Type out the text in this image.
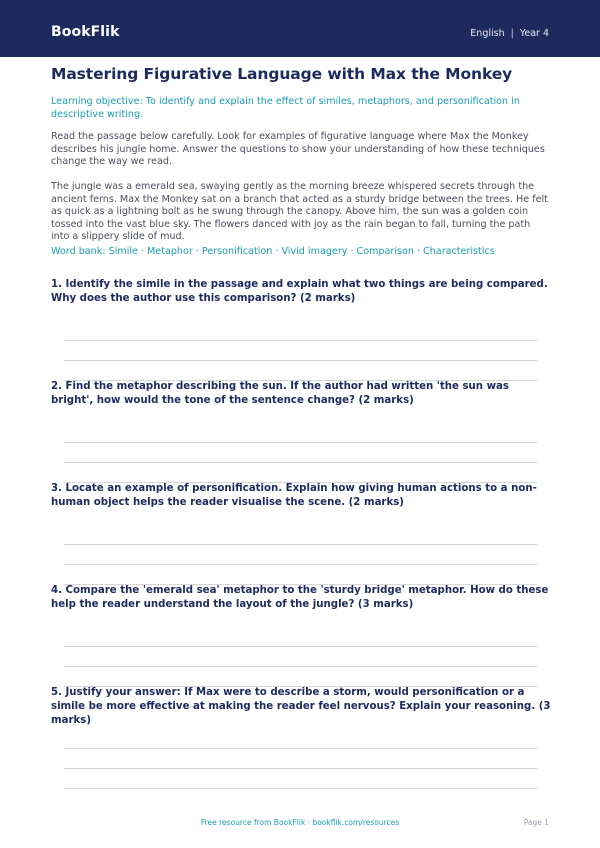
BookFlik	English | Year 4
Mastering Figurative Language with Max the Monkey
Learning objective: To identify and explain the effect of similes, metaphors, and personification in descriptive writing.
Read the passage below carefully. Look for examples of figurative language where Max the Monkey describes his jungle home. Answer the questions to show your understanding of how these techniques change the way we read.
The jungle was a emerald sea, swaying gently as the morning breeze whispered secrets through the ancient ferns. Max the Monkey sat on a branch that acted as a sturdy bridge between the trees. He felt as quick as a lightning bolt as he swung through the canopy. Above him, the sun was a golden coin tossed into the vast blue sky. The flowers danced with joy as the rain began to fall, turning the path into a slippery slide of mud.
Word bank: Simile · Metaphor · Personification · Vivid imagery · Comparison · Characteristics
1. Identify the simile in the passage and explain what two things are being compared. Why does the author use this comparison? (2 marks)
2. Find the metaphor describing the sun. If the author had written 'the sun was bright', how would the tone of the sentence change? (2 marks)
3. Locate an example of personification. Explain how giving human actions to a non-human object helps the reader visualise the scene. (2 marks)
4. Compare the 'emerald sea' metaphor to the 'sturdy bridge' metaphor. How do these help the reader understand the layout of the jungle? (3 marks)
5. Justify your answer: If Max were to describe a storm, would personification or a simile be more effective at making the reader feel nervous? Explain your reasoning. (3 marks)
Free resource from BookFlik · bookflik.com/resources	Page 1
